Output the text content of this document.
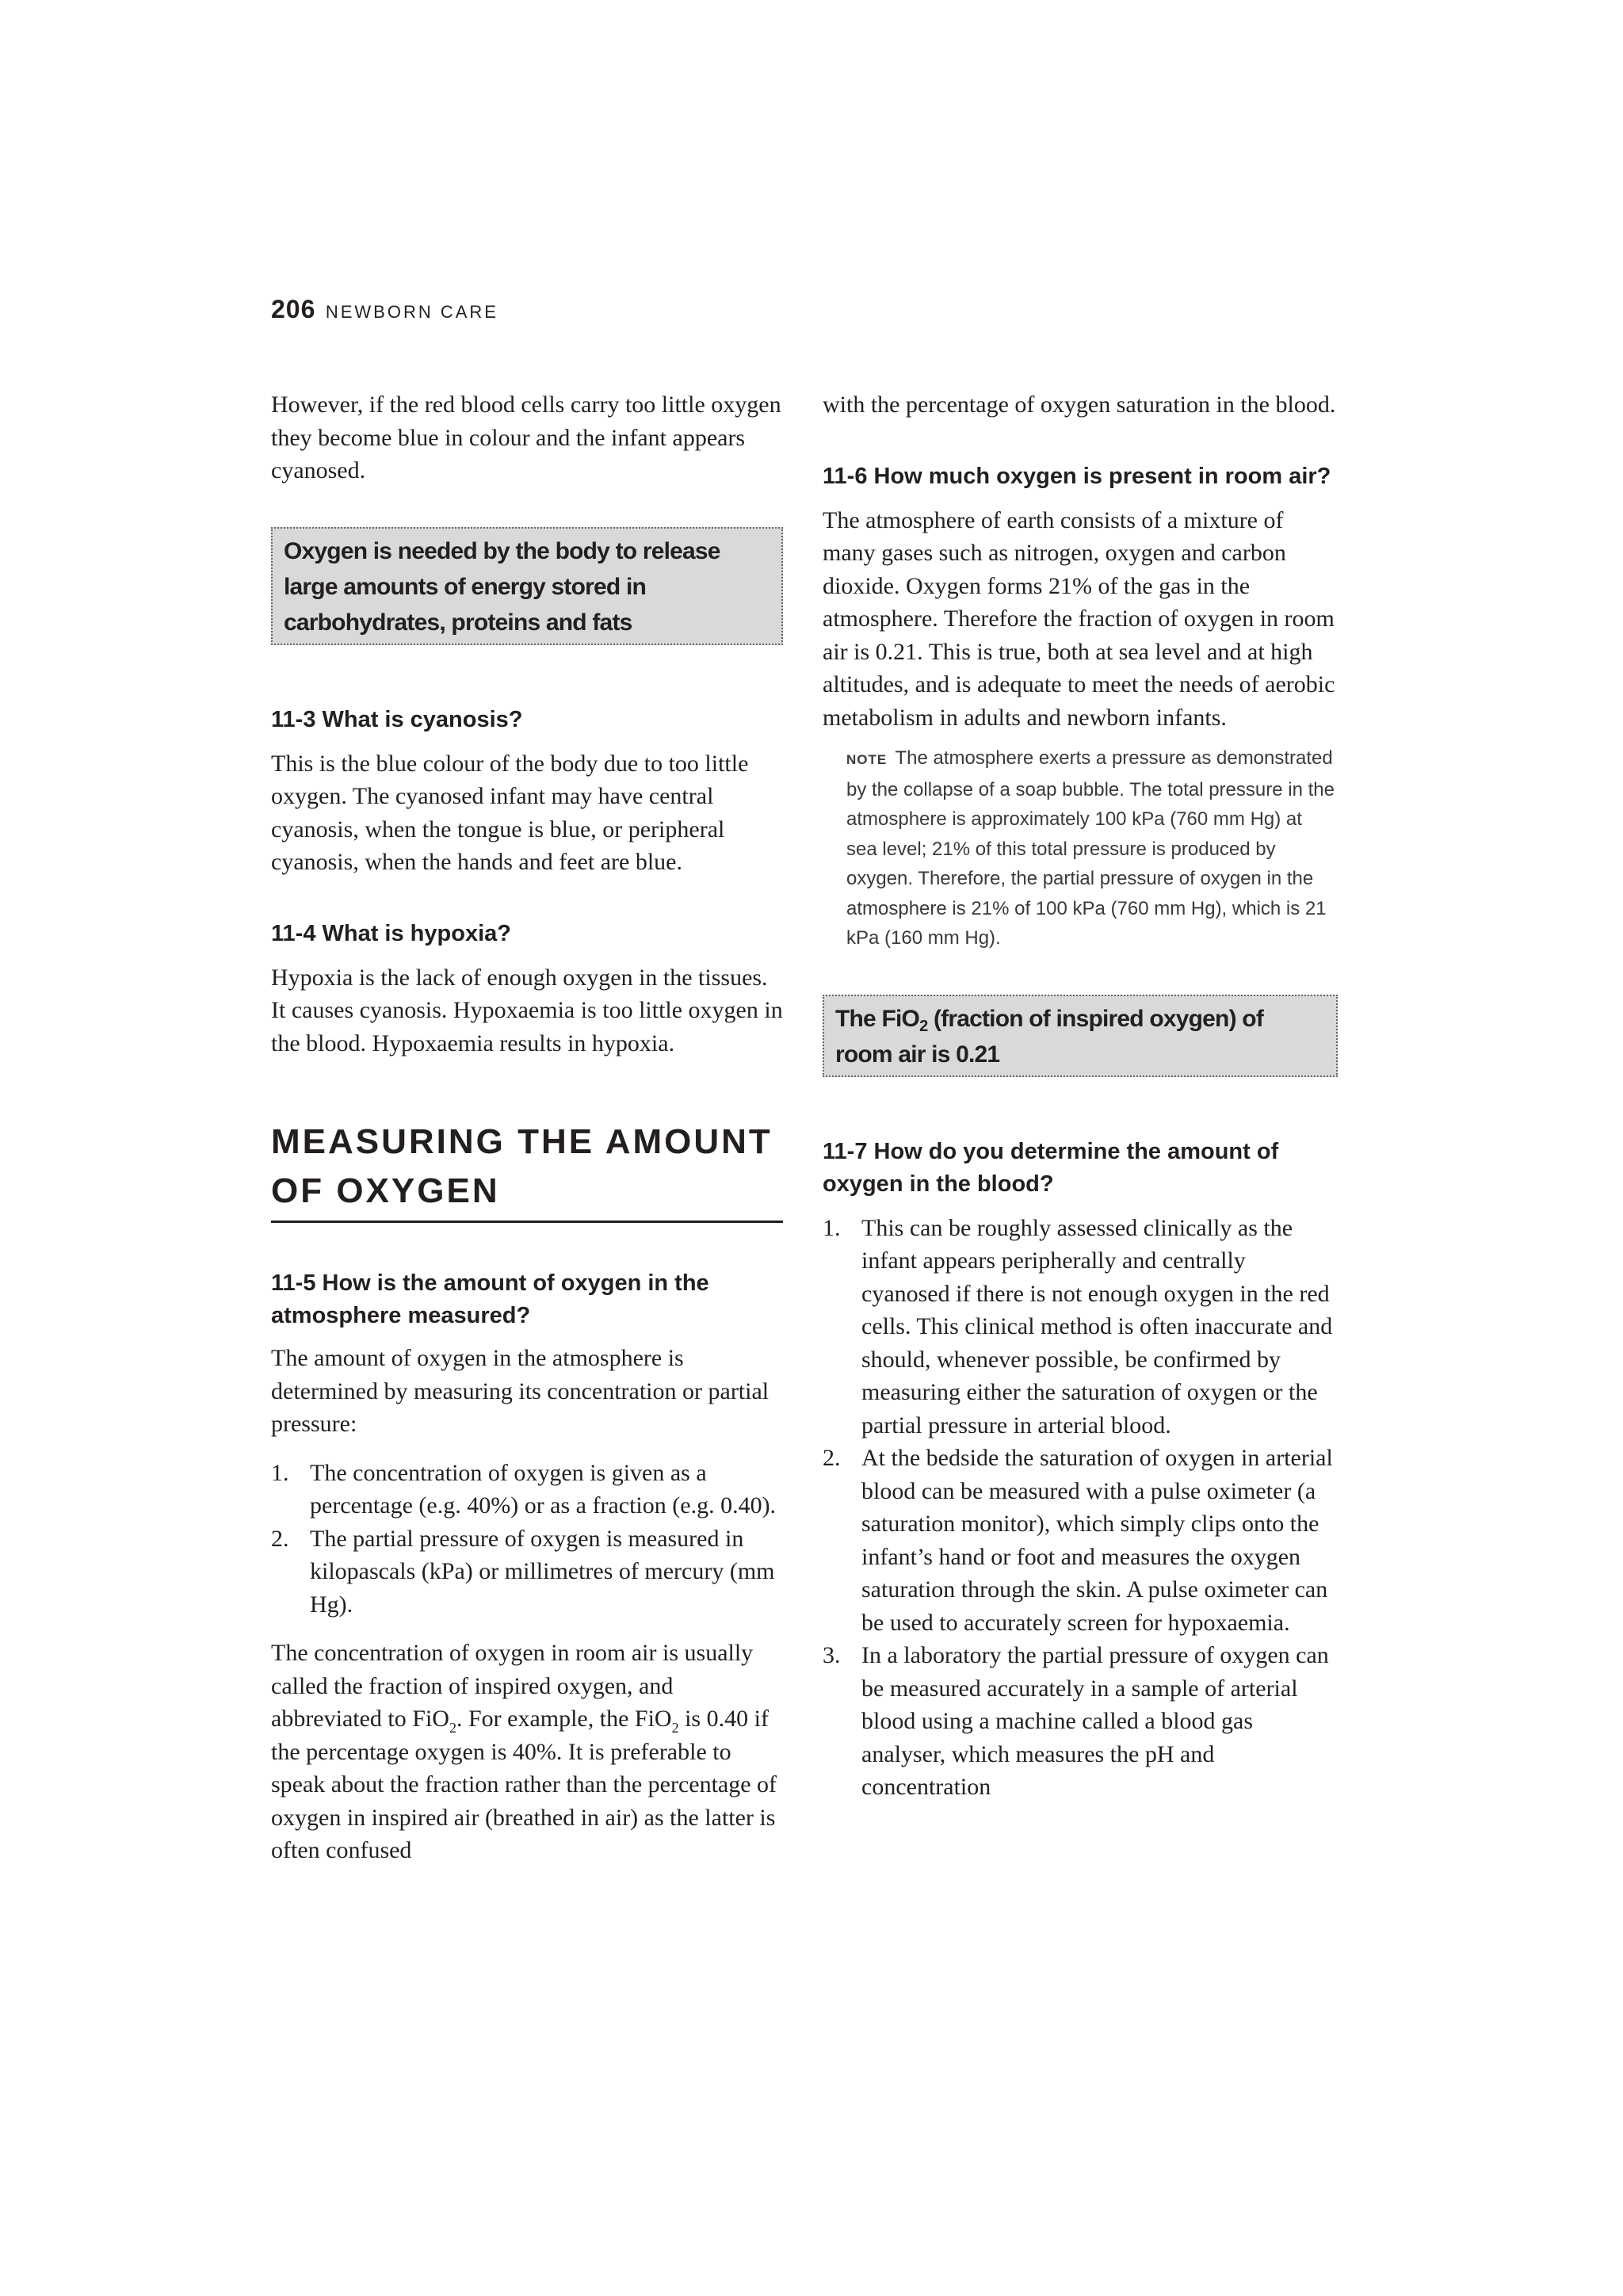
206 NEWBORN CARE

However, if the red blood cells carry too little oxygen they become blue in colour and the infant appears cyanosed.

Oxygen is needed by the body to release large amounts of energy stored in carbohydrates, proteins and fats
11-3 What is cyanosis?

This is the blue colour of the body due to too little oxygen. The cyanosed infant may have central cyanosis, when the tongue is blue, or peripheral cyanosis, when the hands and feet are blue.

11-4 What is hypoxia?

Hypoxia is the lack of enough oxygen in the tissues. It causes cyanosis. Hypoxaemia is too little oxygen in the blood. Hypoxaemia results in hypoxia.

MEASURING THE AMOUNT OF OXYGEN
11-5 How is the amount of oxygen in the atmosphere measured?

The amount of oxygen in the atmosphere is determined by measuring its concentration or partial pressure:

1. The concentration of oxygen is given as a percentage (e.g. 40%) or as a fraction (e.g. 0.40).
2. The partial pressure of oxygen is measured in kilopascals (kPa) or millimetres of mercury (mm Hg).

The concentration of oxygen in room air is usually called the fraction of inspired oxygen, and abbreviated to FiO$_2$. For example, the FiO$_2$ is 0.40 if the percentage oxygen is 40%. It is preferable to speak about the fraction rather than the percentage of oxygen in inspired air (breathed in air) as the latter is often confused

with the percentage of oxygen saturation in the blood.

11-6 How much oxygen is present in room air?

The atmosphere of earth consists of a mixture of many gases such as nitrogen, oxygen and carbon dioxide. Oxygen forms 21% of the gas in the atmosphere. Therefore the fraction of oxygen in room air is 0.21. This is true, both at sea level and at high altitudes, and is adequate to meet the needs of aerobic metabolism in adults and newborn infants.

NOTE The atmosphere exerts a pressure as demonstrated by the collapse of a soap bubble. The total pressure in the atmosphere is approximately 100 kPa (760 mm Hg) at sea level; 21% of this total pressure is produced by oxygen. Therefore, the partial pressure of oxygen in the atmosphere is 21% of 100 kPa (760 mm Hg), which is 21 kPa (160 mm Hg).
The FiO$_2$ (fraction of inspired oxygen) of room air is 0.21
11-7 How do you determine the amount of oxygen in the blood?
1. This can be roughly assessed clinically as the infant appears peripherally and centrally cyanosed if there is not enough oxygen in the red cells. This clinical method is often inaccurate and should, whenever possible, be confirmed by measuring either the saturation of oxygen or the partial pressure in arterial blood.
2. At the bedside the saturation of oxygen in arterial blood can be measured with a pulse oximeter (a saturation monitor), which simply clips onto the infant’s hand or foot and measures the oxygen saturation through the skin. A pulse oximeter can be used to accurately screen for hypoxaemia.
3. In a laboratory the partial pressure of oxygen can be measured accurately in a sample of arterial blood using a machine called a blood gas analyser, which measures the pH and concentration
